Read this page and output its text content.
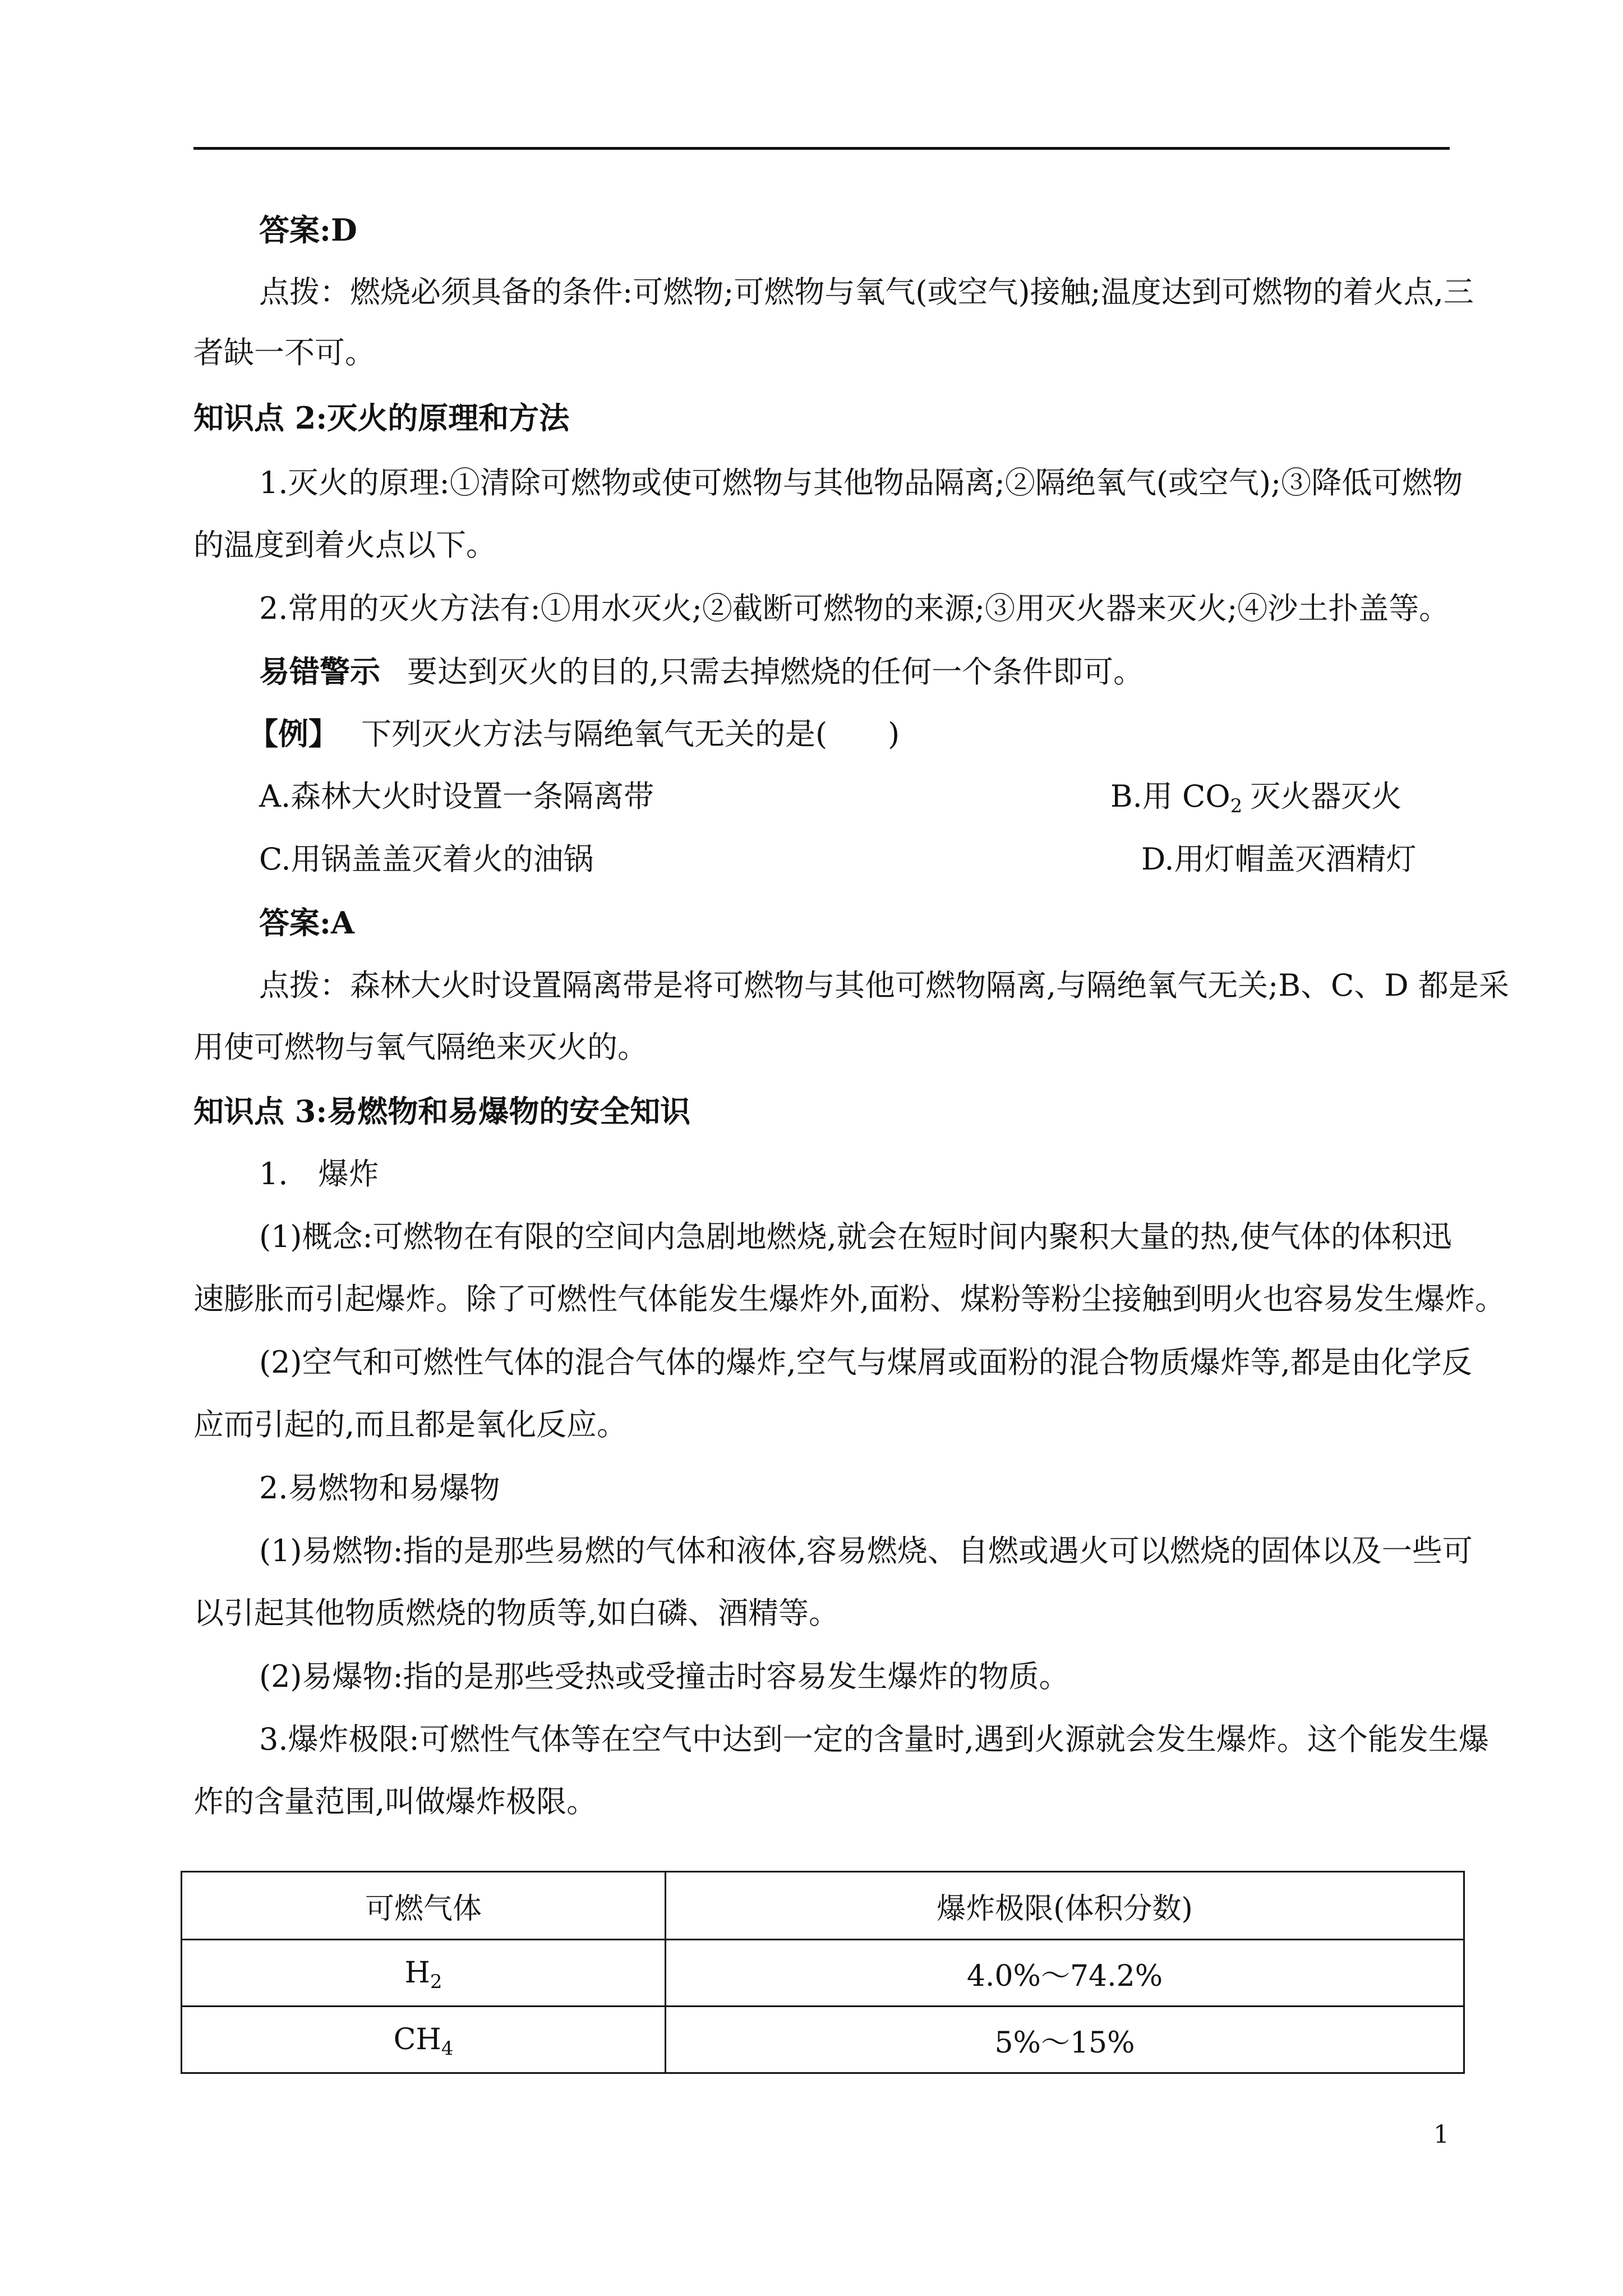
答案:D
点拨：燃烧必须具备的条件:可燃物;可燃物与氧气(或空气)接触;温度达到可燃物的着火点,三
者缺一不可。
知识点 2:灭火的原理和方法
1.灭火的原理:①清除可燃物或使可燃物与其他物品隔离;②隔绝氧气(或空气);③降低可燃物
的温度到着火点以下。
2.常用的灭火方法有:①用水灭火;②截断可燃物的来源;③用灭火器来灭火;④沙土扑盖等。
易错警示 要达到灭火的目的,只需去掉燃烧的任何一个条件即可。
【例】 下列灭火方法与隔绝氧气无关的是(　　)
A.森林大火时设置一条隔离带	B.用 $CO_2$ 灭火器灭火
C.用锅盖盖灭着火的油锅	D.用灯帽盖灭酒精灯
答案:A
点拨：森林大火时设置隔离带是将可燃物与其他可燃物隔离,与隔绝氧气无关;B、C、D 都是采
用使可燃物与氧气隔绝来灭火的。
知识点 3:易燃物和易爆物的安全知识
1.　爆炸
(1)概念:可燃物在有限的空间内急剧地燃烧,就会在短时间内聚积大量的热,使气体的体积迅
速膨胀而引起爆炸。除了可燃性气体能发生爆炸外,面粉、煤粉等粉尘接触到明火也容易发生爆炸。
(2)空气和可燃性气体的混合气体的爆炸,空气与煤屑或面粉的混合物质爆炸等,都是由化学反
应而引起的,而且都是氧化反应。
2.易燃物和易爆物
(1)易燃物:指的是那些易燃的气体和液体,容易燃烧、自燃或遇火可以燃烧的固体以及一些可
以引起其他物质燃烧的物质等,如白磷、酒精等。
(2)易爆物:指的是那些受热或受撞击时容易发生爆炸的物质。
3.爆炸极限:可燃性气体等在空气中达到一定的含量时,遇到火源就会发生爆炸。这个能发生爆
炸的含量范围,叫做爆炸极限。
可燃气体	爆炸极限(体积分数)
$H_2$	4.0%～74.2%
$CH_4$	5%～15%
1
